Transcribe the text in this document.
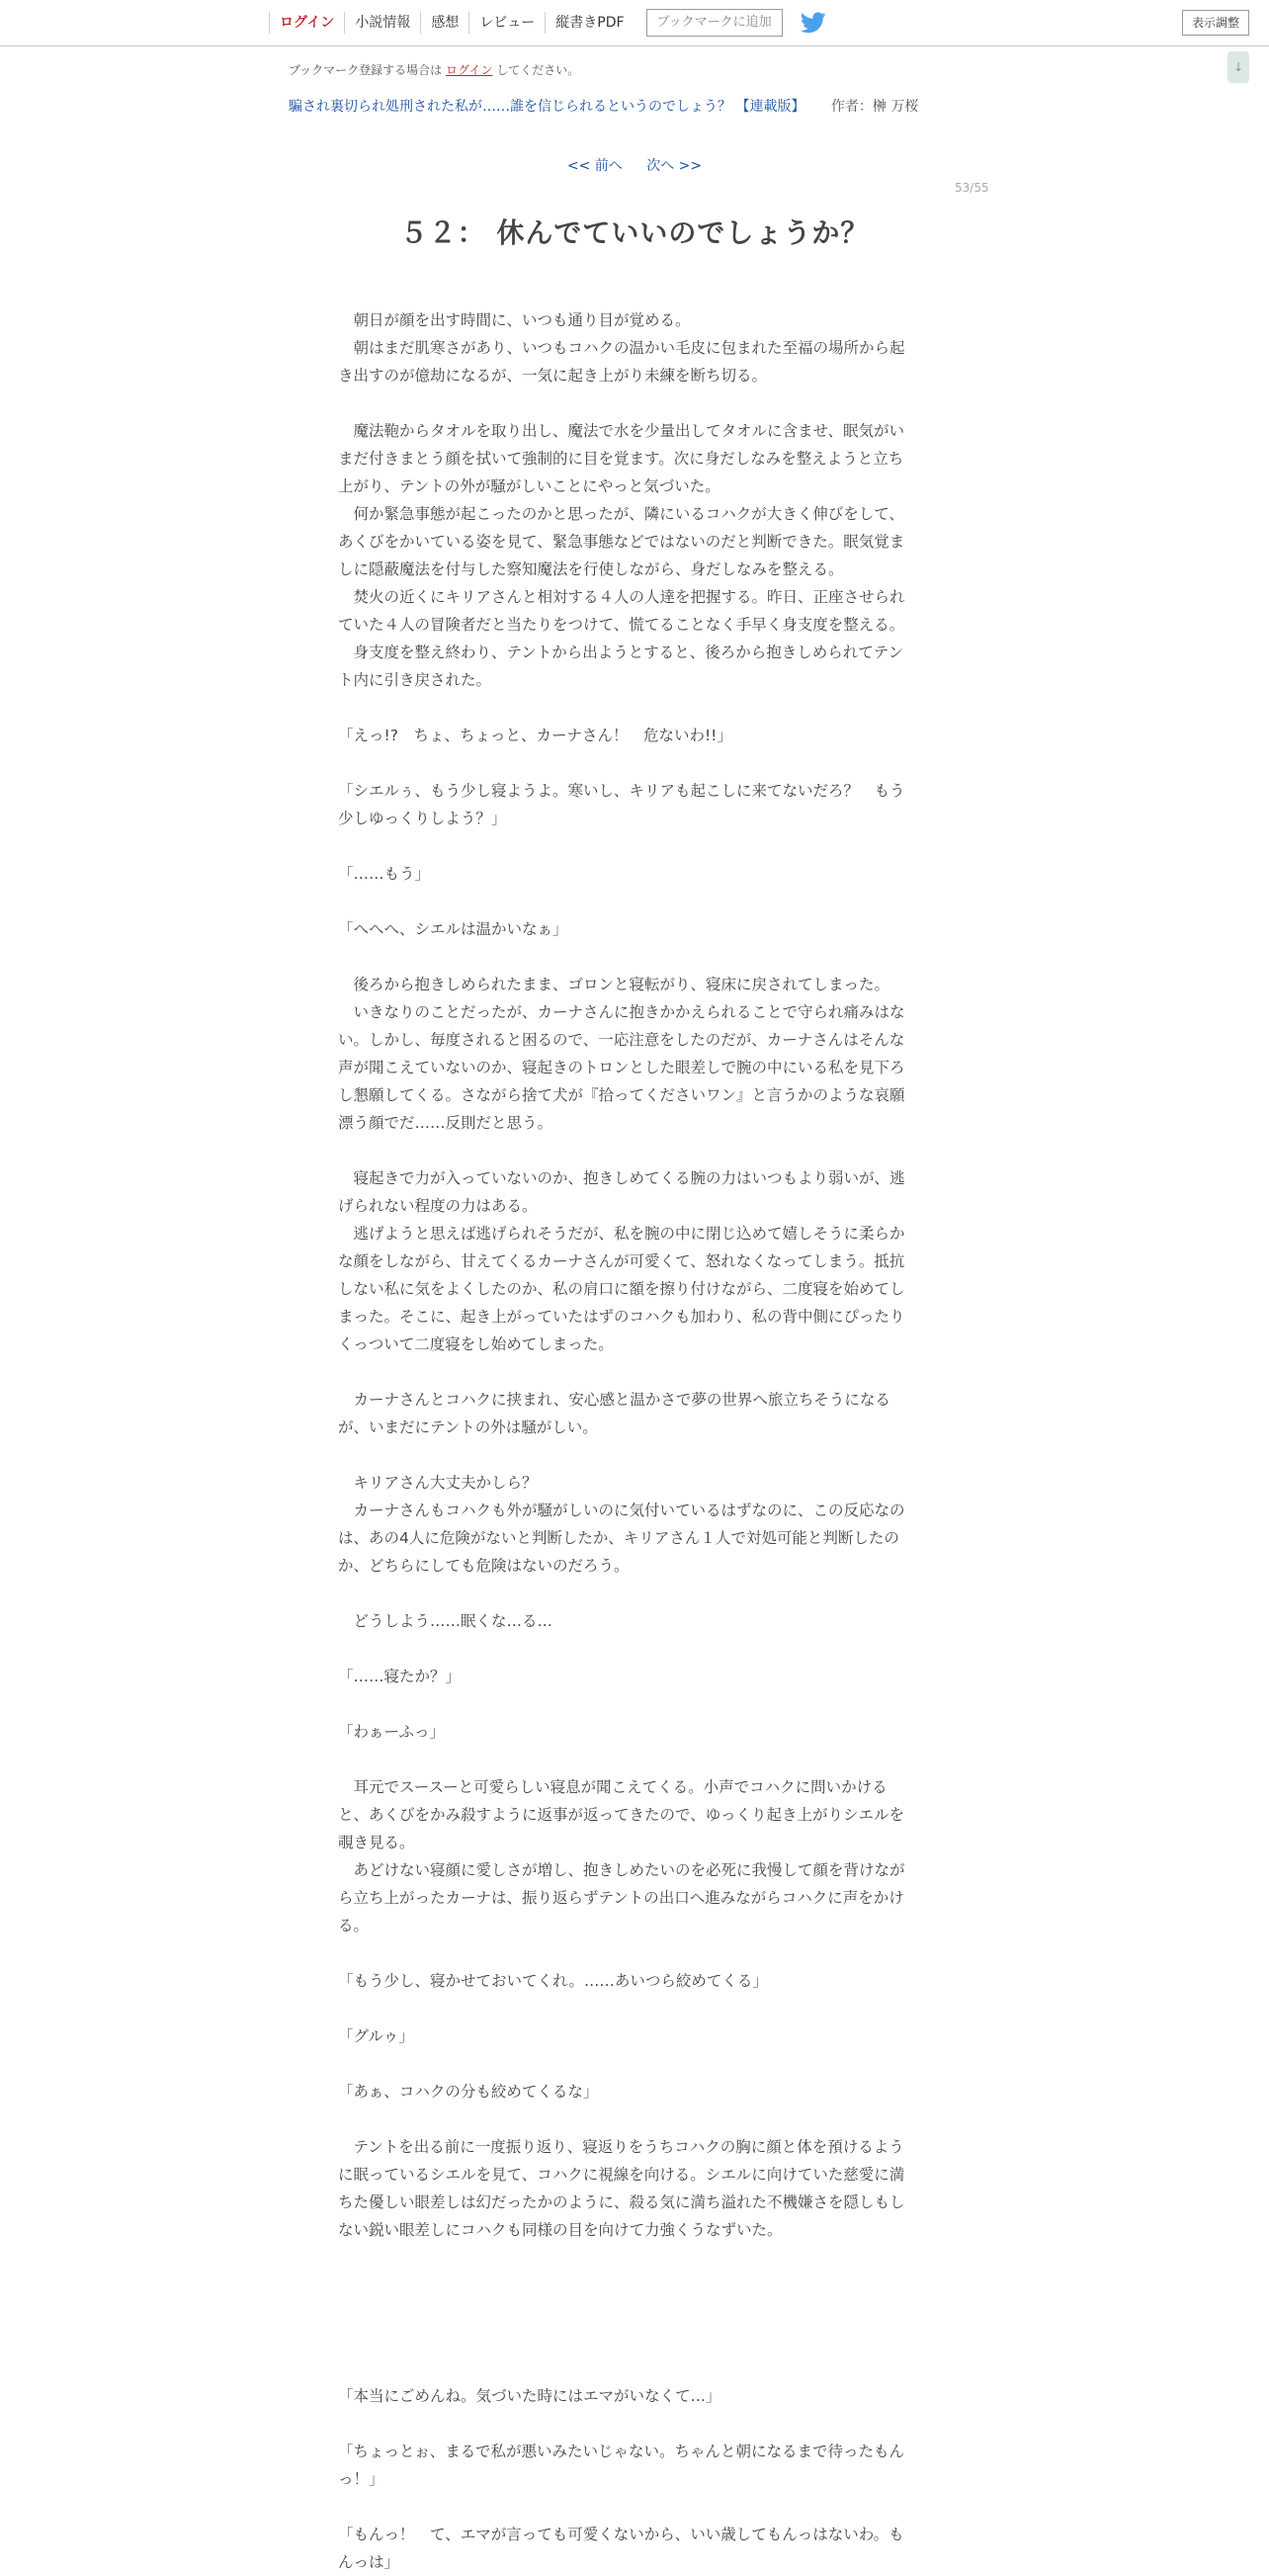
ログイン	小説情報	感想	レビュー	縦書きPDF	ブックマークに追加	表示調整
↓
ブックマーク登録する場合は ログイン してください。
騙され裏切られ処刑された私が……誰を信じられるというのでしょう？ 【連載版】 作者：榊 万桜
<< 前へ 次へ >>
53/55
５２： 休んでていいのでしょうか？

　朝日が顔を出す時間に、いつも通り目が覚める。

　朝はまだ肌寒さがあり、いつもコハクの温かい毛皮に包まれた至福の場所から起

き出すのが億劫になるが、一気に起き上がり未練を断ち切る。

　魔法鞄からタオルを取り出し、魔法で水を少量出してタオルに含ませ、眠気がい

まだ付きまとう顔を拭いて強制的に目を覚ます。次に身だしなみを整えようと立ち

上がり、テントの外が騒がしいことにやっと気づいた。

　何か緊急事態が起こったのかと思ったが、隣にいるコハクが大きく伸びをして、

あくびをかいている姿を見て、緊急事態などではないのだと判断できた。眠気覚ま

しに隠蔽魔法を付与した察知魔法を行使しながら、身だしなみを整える。

　焚火の近くにキリアさんと相対する４人の人達を把握する。昨日、正座させられ

ていた４人の冒険者だと当たりをつけて、慌てることなく手早く身支度を整える。

　身支度を整え終わり、テントから出ようとすると、後ろから抱きしめられてテン

ト内に引き戻された。

「えっ!?　ちょ、ちょっと、カーナさん！　危ないわ!!」

「シエルぅ、もう少し寝ようよ。寒いし、キリアも起こしに来てないだろ？　もう

少しゆっくりしよう？」

「……もう」

「へへへ、シエルは温かいなぁ」

　後ろから抱きしめられたまま、ゴロンと寝転がり、寝床に戻されてしまった。

　いきなりのことだったが、カーナさんに抱きかかえられることで守られ痛みはな

い。しかし、毎度されると困るので、一応注意をしたのだが、カーナさんはそんな

声が聞こえていないのか、寝起きのトロンとした眼差しで腕の中にいる私を見下ろ

し懇願してくる。さながら捨て犬が『拾ってくださいワン』と言うかのような哀願

漂う顔でだ……反則だと思う。

　寝起きで力が入っていないのか、抱きしめてくる腕の力はいつもより弱いが、逃

げられない程度の力はある。

　逃げようと思えば逃げられそうだが、私を腕の中に閉じ込めて嬉しそうに柔らか

な顔をしながら、甘えてくるカーナさんが可愛くて、怒れなくなってしまう。抵抗

しない私に気をよくしたのか、私の肩口に額を擦り付けながら、二度寝を始めてし

まった。そこに、起き上がっていたはずのコハクも加わり、私の背中側にぴったり

くっついて二度寝をし始めてしまった。

　カーナさんとコハクに挟まれ、安心感と温かさで夢の世界へ旅立ちそうになる

が、いまだにテントの外は騒がしい。

　キリアさん大丈夫かしら？

　カーナさんもコハクも外が騒がしいのに気付いているはずなのに、この反応なの

は、あの4人に危険がないと判断したか、キリアさん１人で対処可能と判断したの

か、どちらにしても危険はないのだろう。

　どうしよう……眠くな…る…

「……寝たか？」

「わぁーふっ」

　耳元でスースーと可愛らしい寝息が聞こえてくる。小声でコハクに問いかける

と、あくびをかみ殺すように返事が返ってきたので、ゆっくり起き上がりシエルを

覗き見る。

　あどけない寝顔に愛しさが増し、抱きしめたいのを必死に我慢して顔を背けなが

ら立ち上がったカーナは、振り返らずテントの出口へ進みながらコハクに声をかけ

る。

「もう少し、寝かせておいてくれ。……あいつら絞めてくる」

「グルゥ」

「あぁ、コハクの分も絞めてくるな」

　テントを出る前に一度振り返り、寝返りをうちコハクの胸に顔と体を預けるよう

に眠っているシエルを見て、コハクに視線を向ける。シエルに向けていた慈愛に満

ちた優しい眼差しは幻だったかのように、殺る気に満ち溢れた不機嫌さを隠しもし

ない鋭い眼差しにコハクも同様の目を向けて力強くうなずいた。

「本当にごめんね。気づいた時にはエマがいなくて…」

「ちょっとぉ、まるで私が悪いみたいじゃない。ちゃんと朝になるまで待ったもん

っ！」

「もんっ！　て、エマが言っても可愛くないから、いい歳してもんっはないわ。も

んっは」
